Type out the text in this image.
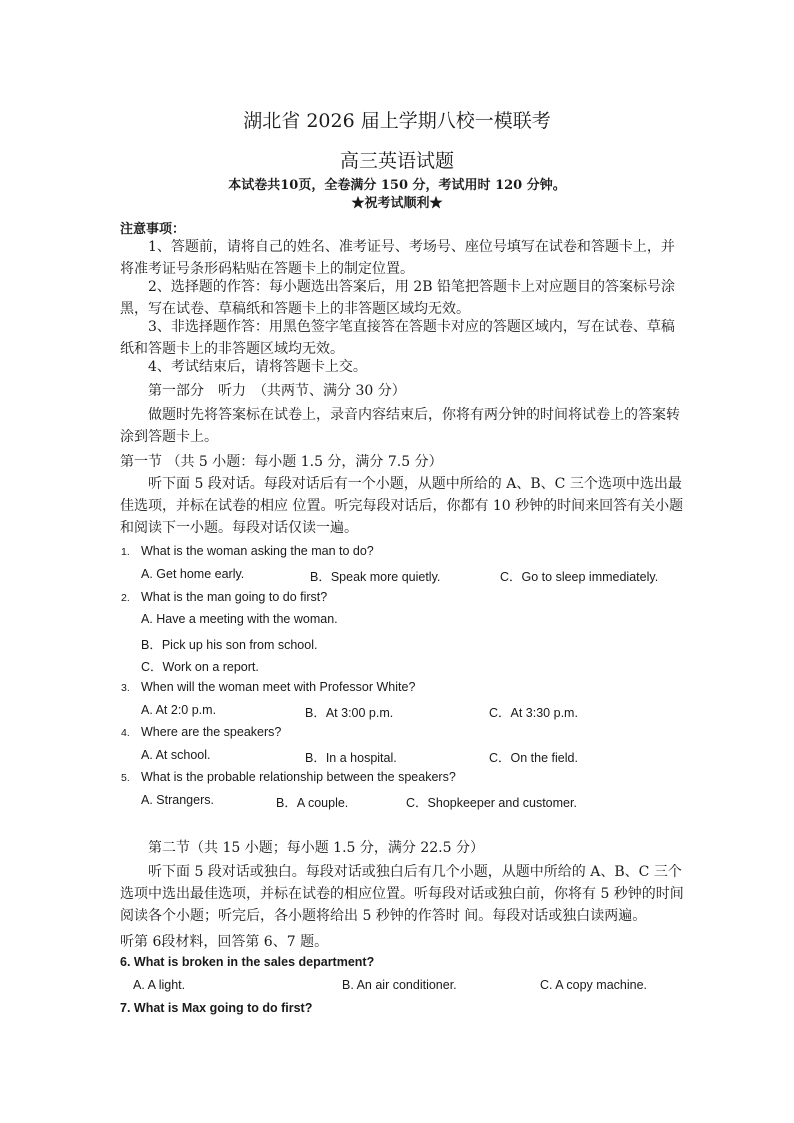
湖北省 2026 届上学期八校一模联考
高三英语试题
本试卷共10页，全卷满分 150 分，考试用时 120 分钟。
★祝考试顺利★
注意事项：
1、答题前，请将自己的姓名、准考证号、考场号、座位号填写在试卷和答题卡上，并将准考证号条形码粘贴在答题卡上的制定位置。
2、选择题的作答：每小题选出答案后，用 2B 铅笔把答题卡上对应题目的答案标号涂黑，写在试卷、草稿纸和答题卡上的非答题区域均无效。
3、非选择题作答：用黑色签字笔直接答在答题卡对应的答题区域内，写在试卷、草稿纸和答题卡上的非答题区域均无效。
4、考试结束后，请将答题卡上交。
第一部分　听力　（共两节、满分 30 分）
做题时先将答案标在试卷上，录音内容结束后，你将有两分钟的时间将试卷上的答案转涂到答题卡上。
第一节 （共 5 小题：每小题 1.5 分，满分 7.5 分）
听下面 5 段对话。每段对话后有一个小题，从题中所给的 A、B、C 三个选项中选出最佳选项，并标在试卷的相应 位置。听完每段对话后，你都有 10 秒钟的时间来回答有关小题和阅读下一小题。每段对话仅读一遍。
1. What is the woman asking the man to do?
A. Get home early.	B．Speak more quietly.	C．Go to sleep immediately.
2. What is the man going to do first?
A. Have a meeting with the woman.
B．Pick up his son from school.
C．Work on a report.
3. When will the woman meet with Professor White?
A. At 2:0 p.m.	B．At 3:00 p.m.	C．At 3:30 p.m.
4. Where are the speakers?
A. At school.	B．In a hospital.	C．On the field.
5. What is the probable relationship between the speakers?
A. Strangers.	B．A couple.	C．Shopkeeper and customer.
第二节（共 15 小题；每小题 1.5 分，满分 22.5 分）
听下面 5 段对话或独白。每段对话或独白后有几个小题，从题中所给的 A、B、C 三个选项中选出最佳选项，并标在试卷的相应位置。听每段对话或独白前，你将有 5 秒钟的时间阅读各个小题；听完后，各小题将给出 5 秒钟的作答时 间。每段对话或独白读两遍。
听第 6段材料，回答第 6、7 题。
6. What is broken in the sales department?
A. A light.	B. An air conditioner.	C. A copy machine.
7. What is Max going to do first?
